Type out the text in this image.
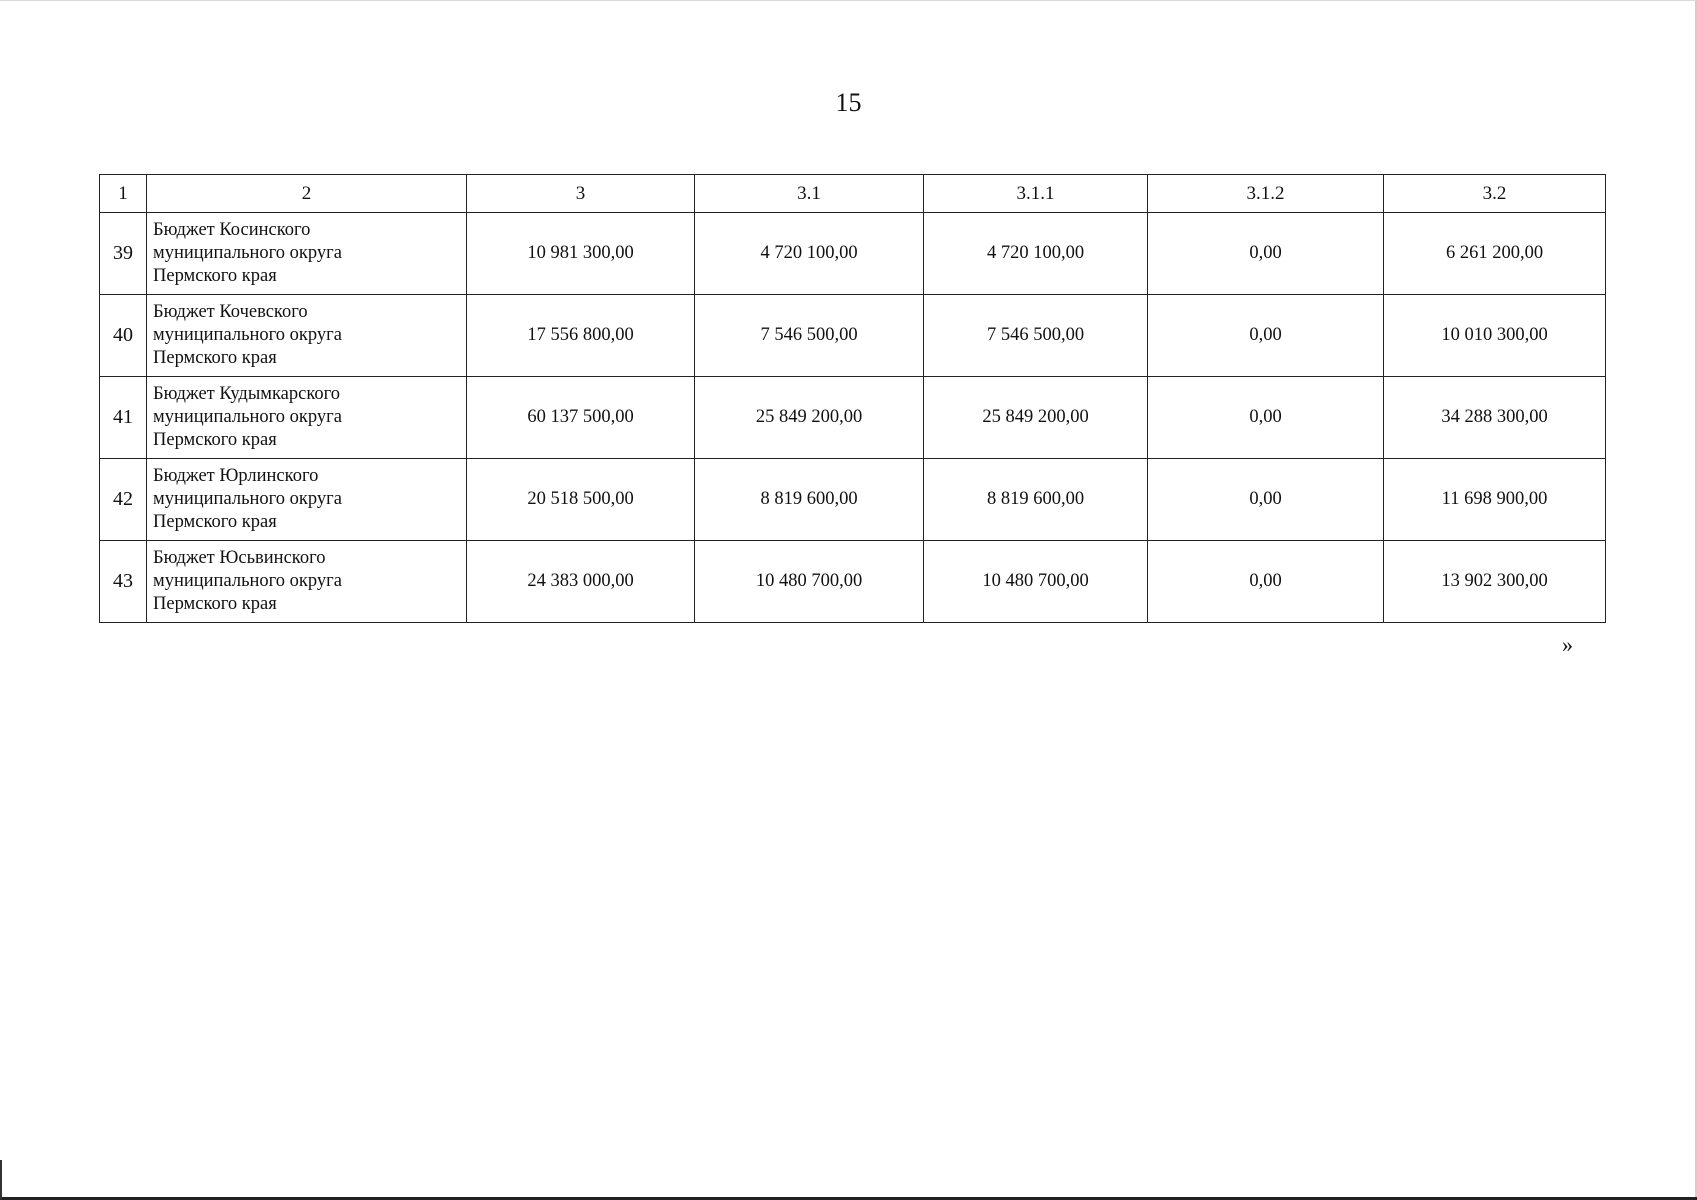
15
1	2	3	3.1	3.1.1	3.1.2	3.2
39	Бюджет Косинского
муниципального округа
Пермского края	10 981 300,00	4 720 100,00	4 720 100,00	0,00	6 261 200,00
40	Бюджет Кочевского
муниципального округа
Пермского края	17 556 800,00	7 546 500,00	7 546 500,00	0,00	10 010 300,00
41	Бюджет Кудымкарского
муниципального округа
Пермского края	60 137 500,00	25 849 200,00	25 849 200,00	0,00	34 288 300,00
42	Бюджет Юрлинского
муниципального округа
Пермского края	20 518 500,00	8 819 600,00	8 819 600,00	0,00	11 698 900,00
43	Бюджет Юсьвинского
муниципального округа
Пермского края	24 383 000,00	10 480 700,00	10 480 700,00	0,00	13 902 300,00
»
